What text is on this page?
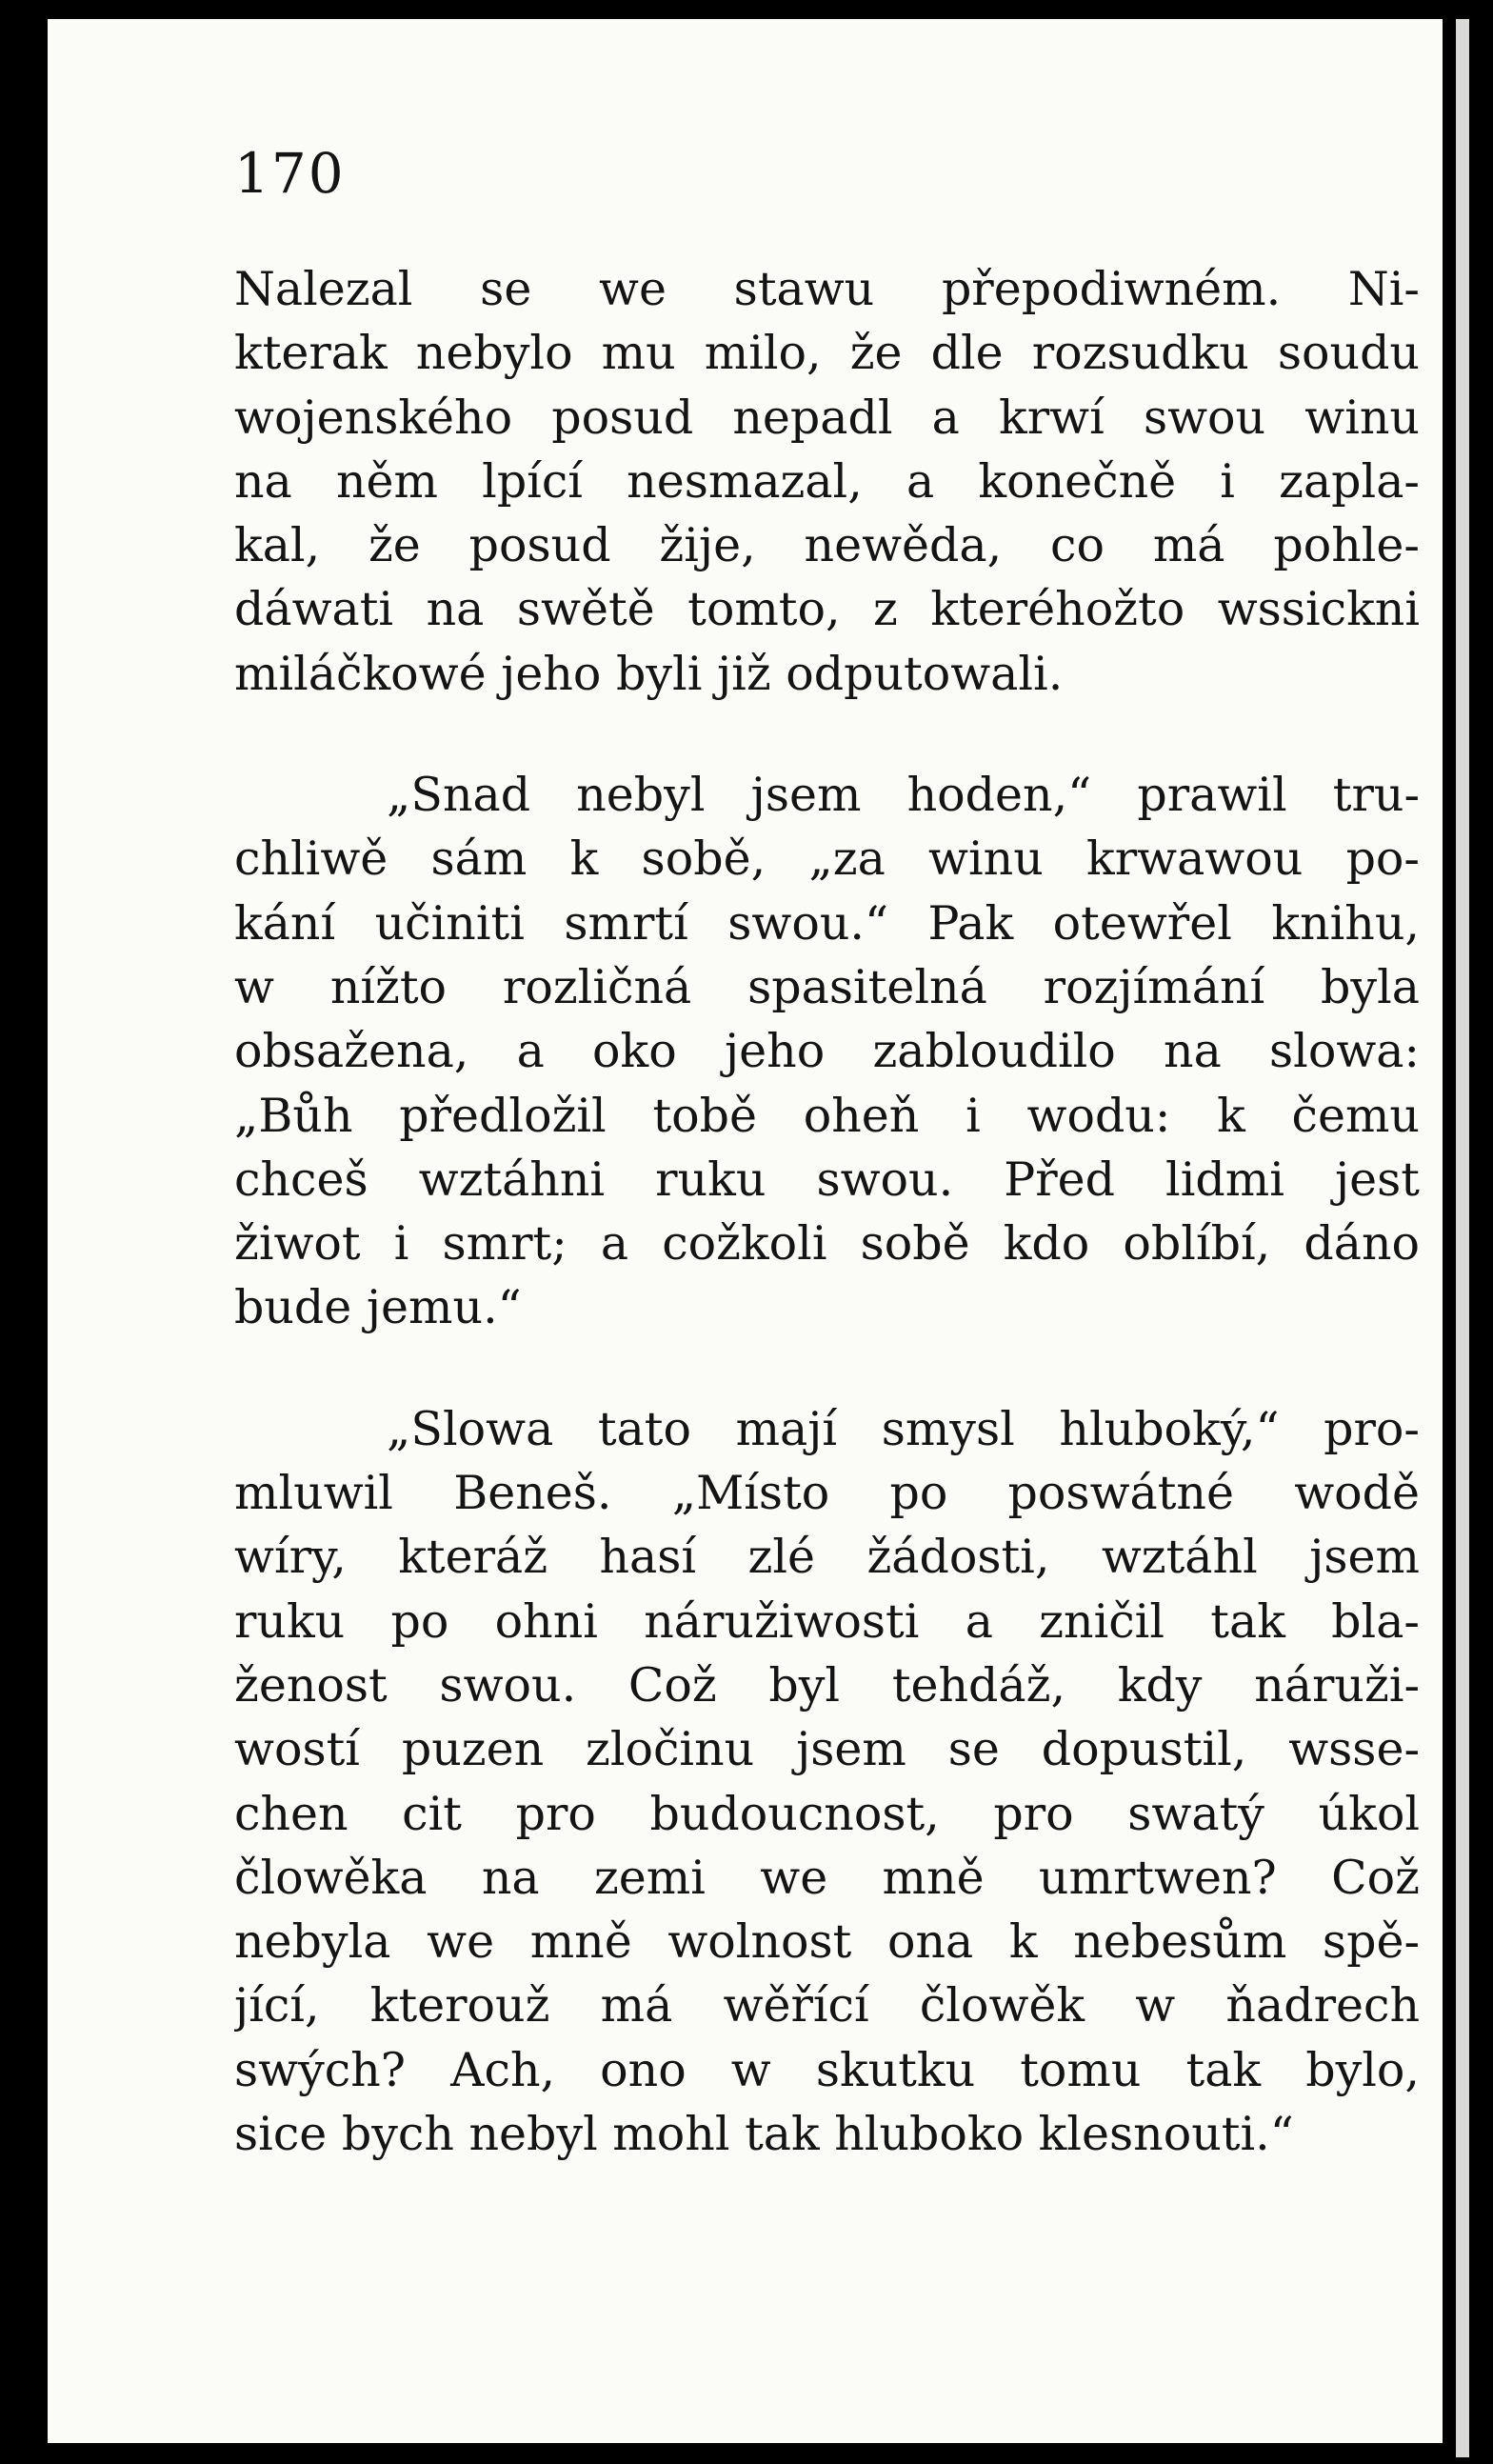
170
Nalezal se we stawu přepodiwném. Ni-
kterak nebylo mu milo, že dle rozsudku soudu
wojenského posud nepadl a krwí swou winu
na něm lpící nesmazal, a konečně i zapla-
kal, že posud žije, newěda, co má pohle-
dáwati na swětě tomto, z kteréhožto wssickni
miláčkowé jeho byli již odputowali.
„Snad nebyl jsem hoden,“ prawil tru-
chliwě sám k sobě, „za winu krwawou po-
kání učiniti smrtí swou.“ Pak otewřel knihu,
w nížto rozličná spasitelná rozjímání byla
obsažena, a oko jeho zabloudilo na slowa:
„Bůh předložil tobě oheň i wodu: k čemu
chceš wztáhni ruku swou. Před lidmi jest
žiwot i smrt; a cožkoli sobě kdo oblíbí, dáno
bude jemu.“
„Slowa tato mají smysl hluboký,“ pro-
mluwil Beneš. „Místo po poswátné wodě
wíry, kteráž hasí zlé žádosti, wztáhl jsem
ruku po ohni náružiwosti a zničil tak bla-
ženost swou. Což byl tehdáž, kdy náruži-
wostí puzen zločinu jsem se dopustil, wsse-
chen cit pro budoucnost, pro swatý úkol
člowěka na zemi we mně umrtwen? Což
nebyla we mně wolnost ona k nebesům spě-
jící, kterouž má wěřící člowěk w ňadrech
swých? Ach, ono w skutku tomu tak bylo,
sice bych nebyl mohl tak hluboko klesnouti.“
